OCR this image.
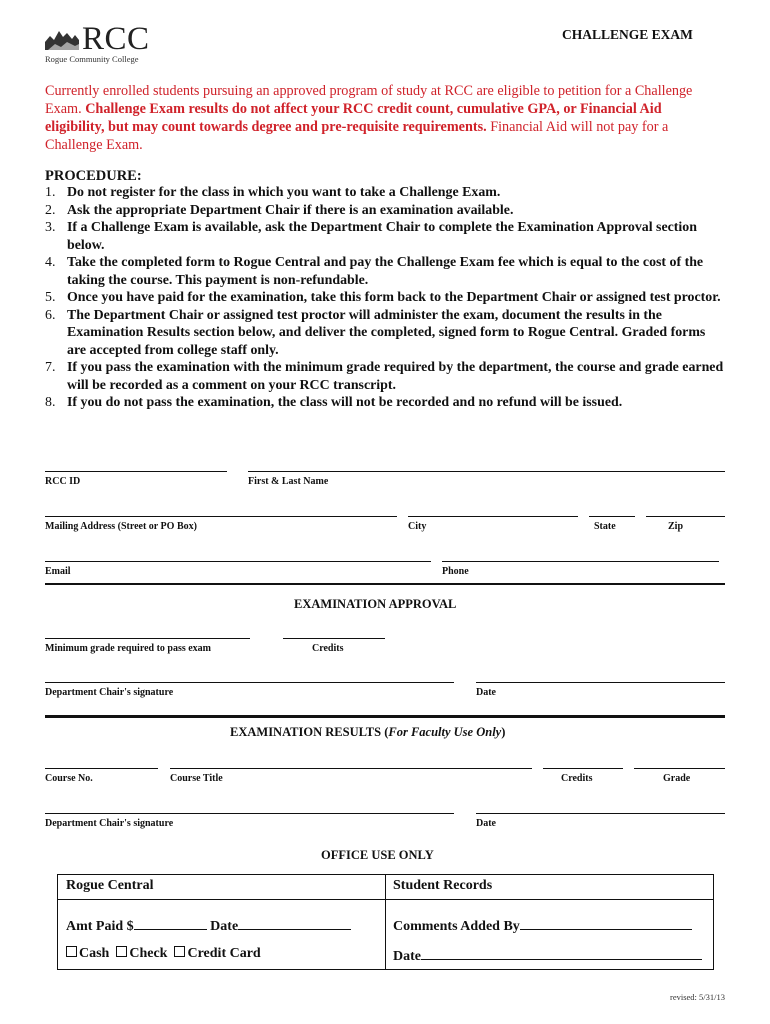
RCC
Rogue Community College
CHALLENGE EXAM
Currently enrolled students pursuing an approved program of study at RCC are eligible to petition for a Challenge Exam. Challenge Exam results do not affect your RCC credit count, cumulative GPA, or Financial Aid eligibility, but may count towards degree and pre-requisite requirements. Financial Aid will not pay for a Challenge Exam.
PROCEDURE:
1. Do not register for the class in which you want to take a Challenge Exam.
2. Ask the appropriate Department Chair if there is an examination available.
3. If a Challenge Exam is available, ask the Department Chair to complete the Examination Approval section below.
4. Take the completed form to Rogue Central and pay the Challenge Exam fee which is equal to the cost of the taking the course. This payment is non-refundable.
5. Once you have paid for the examination, take this form back to the Department Chair or assigned test proctor.
6. The Department Chair or assigned test proctor will administer the exam, document the results in the Examination Results section below, and deliver the completed, signed form to Rogue Central. Graded forms are accepted from college staff only.
7. If you pass the examination with the minimum grade required by the department, the course and grade earned will be recorded as a comment on your RCC transcript.
8. If you do not pass the examination, the class will not be recorded and no refund will be issued.
RCC ID	First & Last Name
Mailing Address (Street or PO Box)	City	State	Zip
Email	Phone
EXAMINATION APPROVAL
Minimum grade required to pass exam	Credits
Department Chair's signature	Date
EXAMINATION RESULTS (For Faculty Use Only)
Course No.	Course Title	Credits	Grade
Department Chair's signature	Date
OFFICE USE ONLY
Rogue Central	Student Records
Amt Paid $	Date	Comments Added By
Cash Check Credit Card	Date
revised: 5/31/13
